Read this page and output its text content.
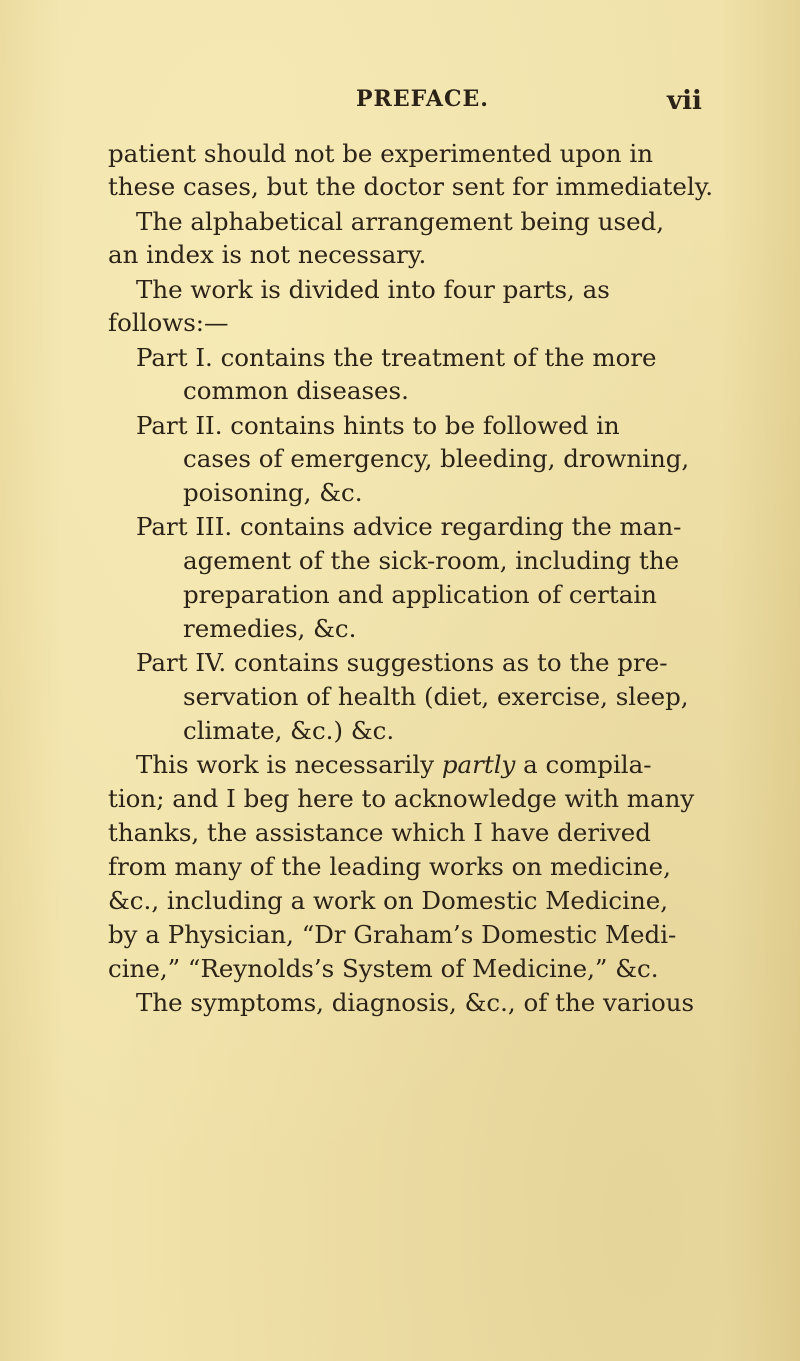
PREFACE.	vii
patient should not be experimented upon in
these cases, but the doctor sent for immediately.
The alphabetical arrangement being used,
an index is not necessary.
The work is divided into four parts, as
follows:—
Part I. contains the treatment of the more
common diseases.
Part II. contains hints to be followed in
cases of emergency, bleeding, drowning,
poisoning, &c.
Part III. contains advice regarding the man-
agement of the sick-room, including the
preparation and application of certain
remedies, &c.
Part IV. contains suggestions as to the pre-
servation of health (diet, exercise, sleep,
climate, &c.) &c.
This work is necessarily partly a compila-
tion; and I beg here to acknowledge with many
thanks, the assistance which I have derived
from many of the leading works on medicine,
&c., including a work on Domestic Medicine,
by a Physician, “Dr Graham’s Domestic Medi-
cine,” “Reynolds’s System of Medicine,” &c.
The symptoms, diagnosis, &c., of the various
